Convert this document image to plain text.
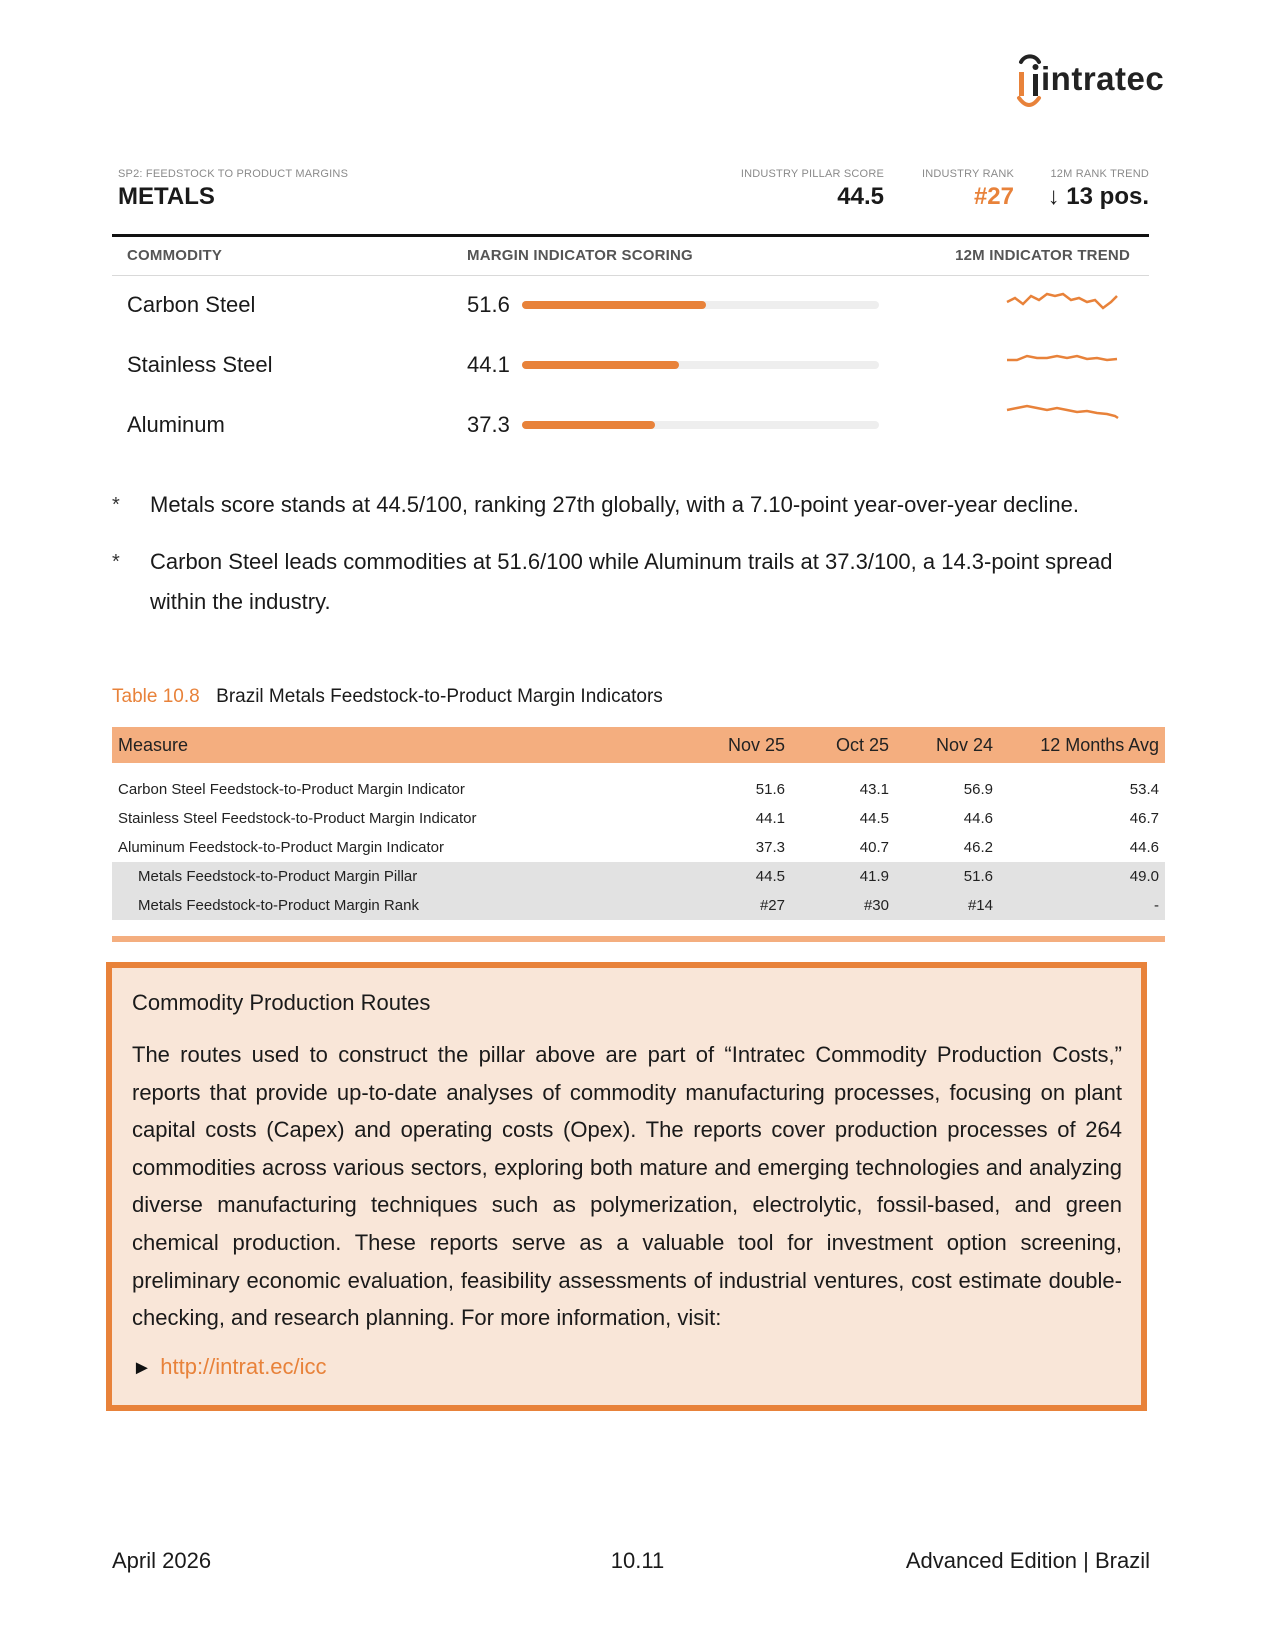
intratec
SP2: FEEDSTOCK TO PRODUCT MARGINS
METALS
INDUSTRY PILLAR SCORE
44.5
INDUSTRY RANK
#27
12M RANK TREND
↓ 13 pos.
COMMODITY	MARGIN INDICATOR SCORING	12M INDICATOR TREND
Carbon Steel	51.6
Stainless Steel	44.1
Aluminum	37.3
* Metals score stands at 44.5/100, ranking 27th globally, with a 7.10-point year-over-year decline.
* Carbon Steel leads commodities at 51.6/100 while Aluminum trails at 37.3/100, a 14.3-point spread within the industry.
Table 10.8 Brazil Metals Feedstock-to-Product Margin Indicators
Measure	Nov 25	Oct 25	Nov 24	12 Months Avg

Carbon Steel Feedstock-to-Product Margin Indicator	51.6	43.1	56.9	53.4
Stainless Steel Feedstock-to-Product Margin Indicator	44.1	44.5	44.6	46.7
Aluminum Feedstock-to-Product Margin Indicator	37.3	40.7	46.2	44.6
Metals Feedstock-to-Product Margin Pillar	44.5	41.9	51.6	49.0
Metals Feedstock-to-Product Margin Rank	#27	#30	#14	-
Commodity Production Routes
The routes used to construct the pillar above are part of “Intratec Commodity Production Costs,” reports that provide up-to-date analyses of commodity manufacturing processes, focusing on plant capital costs (Capex) and operating costs (Opex). The reports cover production processes of 264 commodities across various sectors, exploring both mature and emerging technologies and analyzing diverse manufacturing techniques such as polymerization, electrolytic, fossil-based, and green chemical production. These reports serve as a valuable tool for investment option screening, preliminary economic evaluation, feasibility assessments of industrial ventures, cost estimate double-checking, and research planning. For more information, visit:
► http://intrat.ec/icc
April 2026	10.11	Advanced Edition | Brazil
